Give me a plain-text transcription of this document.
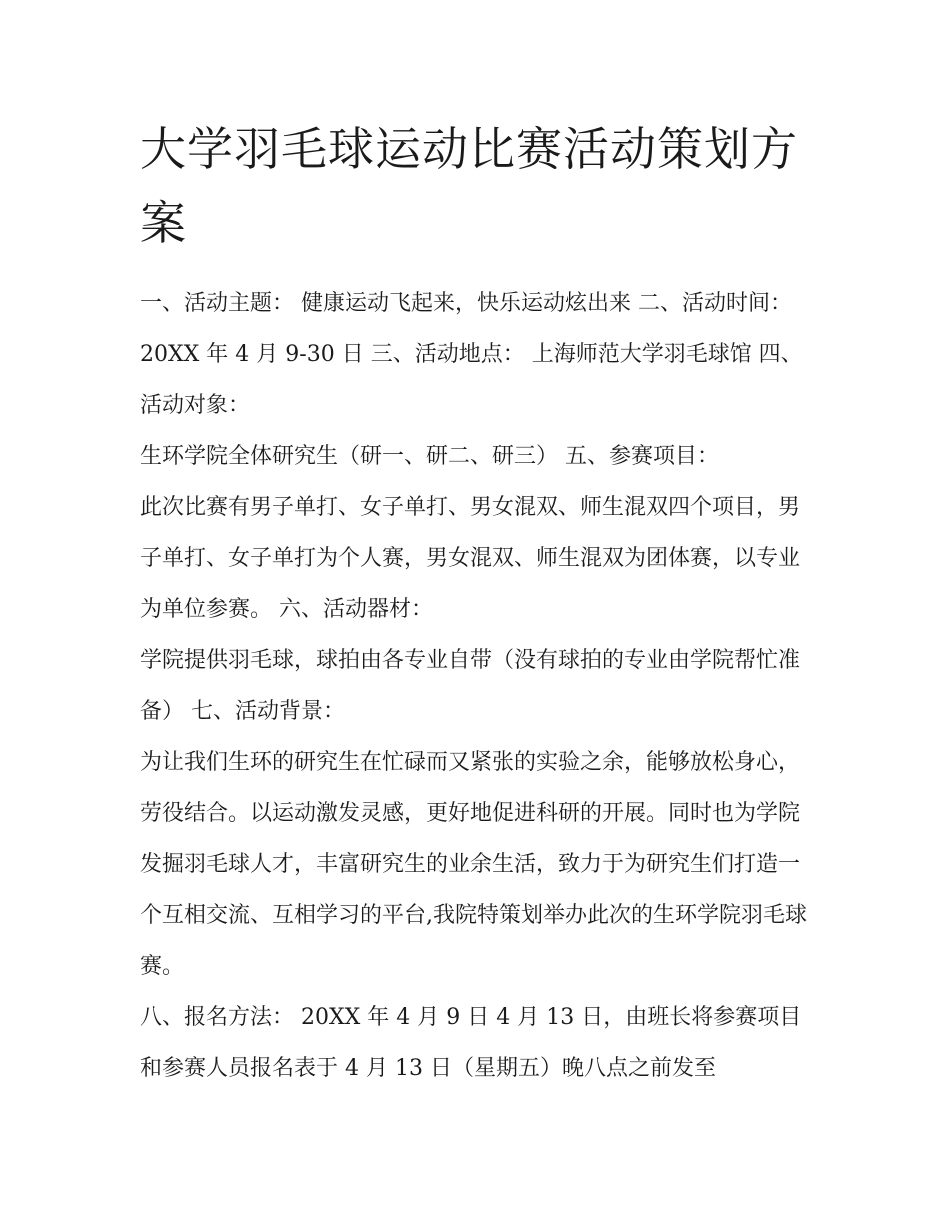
大学羽毛球运动比赛活动策划方案

一、活动主题： 健康运动飞起来，快乐运动炫出来 二、活动时间： 20XX 年 4 月 9-30 日 三、活动地点： 上海师范大学羽毛球馆 四、活动对象：

生环学院全体研究生（研一、研二、研三） 五、参赛项目：

此次比赛有男子单打、女子单打、男女混双、师生混双四个项目，男子单打、女子单打为个人赛，男女混双、师生混双为团体赛，以专业为单位参赛。 六、活动器材：

学院提供羽毛球，球拍由各专业自带（没有球拍的专业由学院帮忙准备） 七、活动背景：

为让我们生环的研究生在忙碌而又紧张的实验之余，能够放松身心，劳役结合。以运动激发灵感，更好地促进科研的开展。同时也为学院发掘羽毛球人才，丰富研究生的业余生活，致力于为研究生们打造一个互相交流、互相学习的平台,我院特策划举办此次的生环学院羽毛球赛。

八、报名方法： 20XX 年 4 月 9 日 4 月 13 日，由班长将参赛项目和参赛人员报名表于 4 月 13 日（星期五）晚八点之前发至
